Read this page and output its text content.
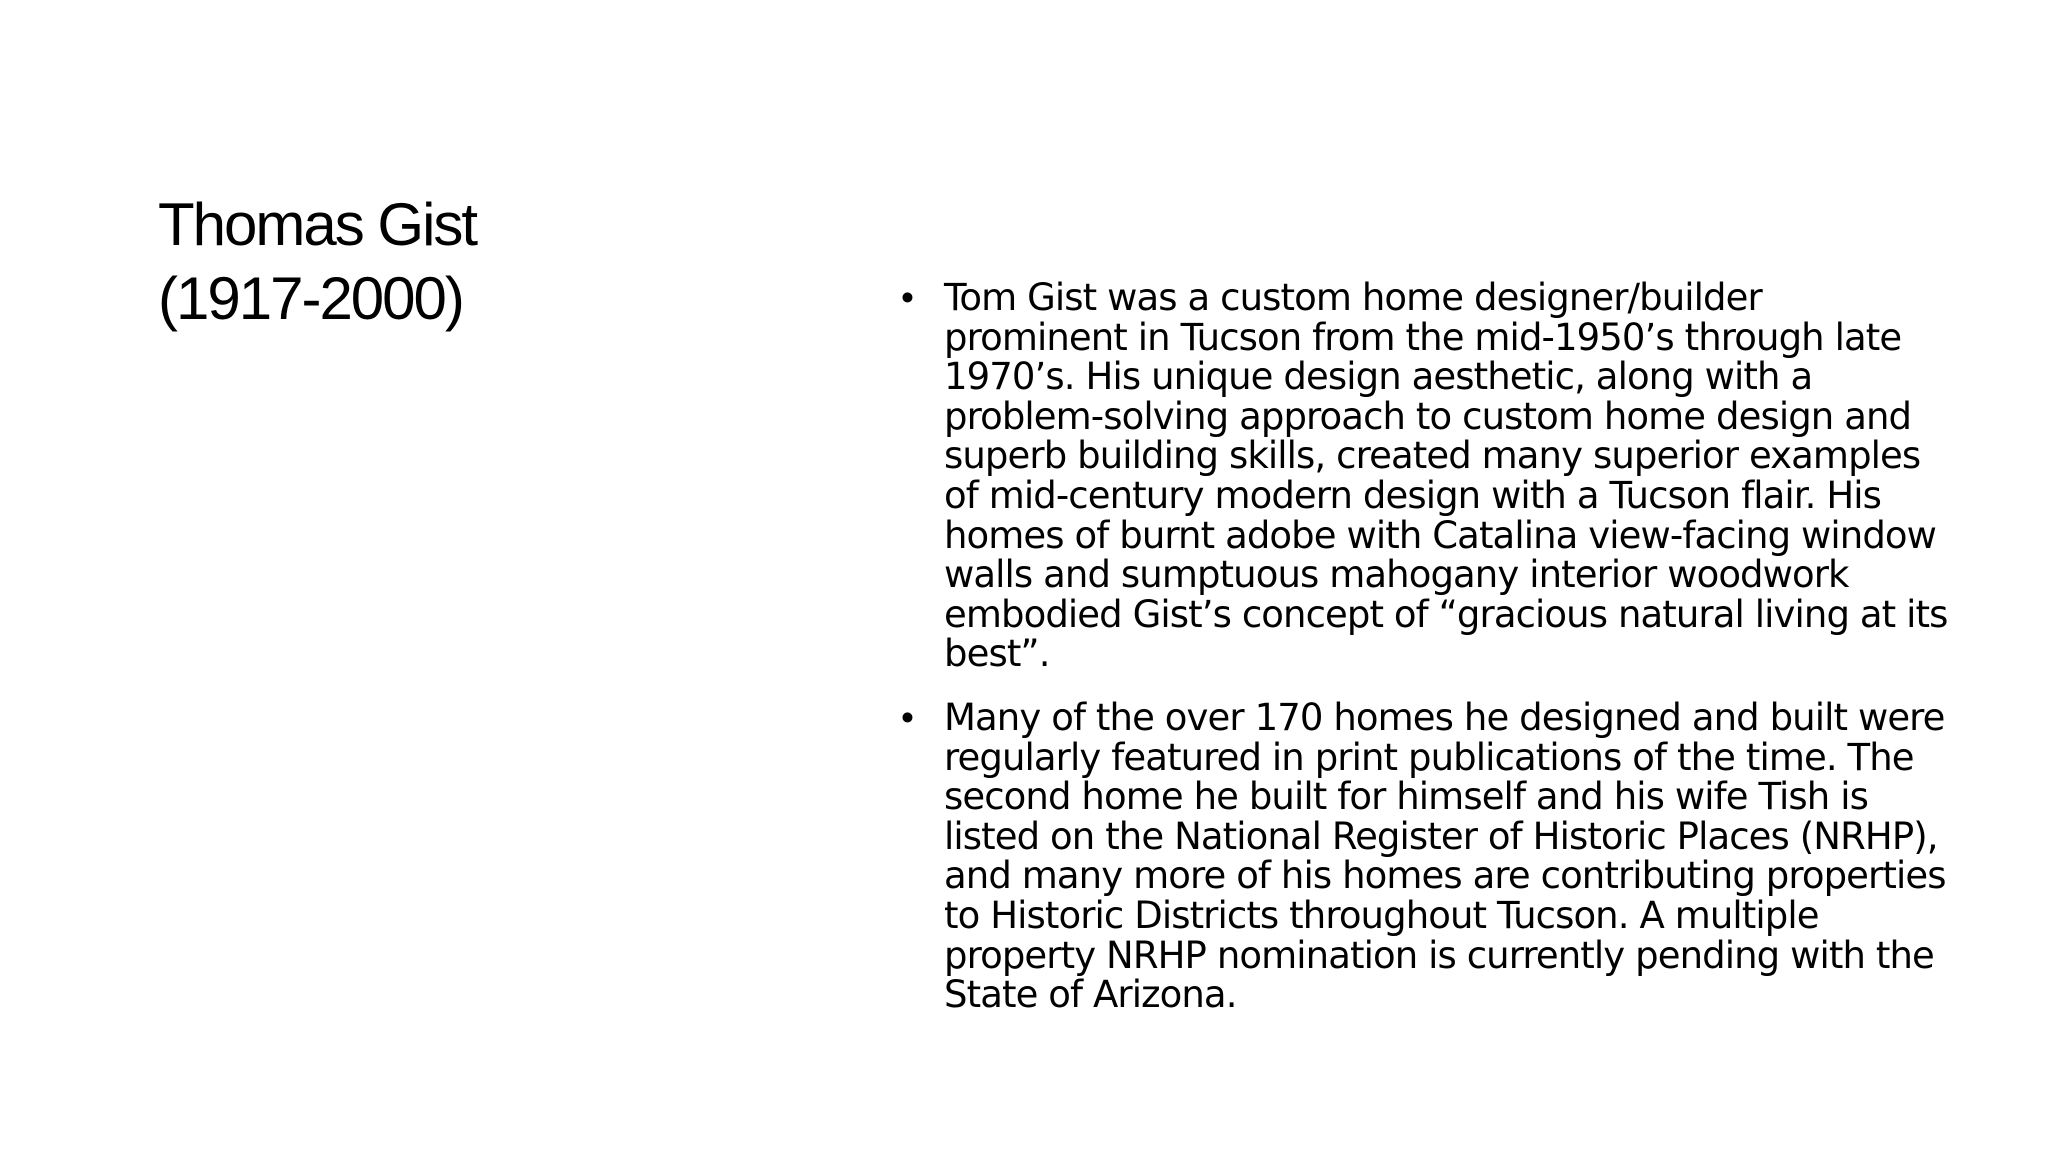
Thomas Gist
(1917-2000)	• Tom Gist was a custom home designer/builder prominent in Tucson from the mid-1950’s through late 1970’s. His unique design aesthetic, along with a problem-solving approach to custom home design and superb building skills, created many superior examples of mid-century modern design with a Tucson flair. His homes of burnt adobe with Catalina view-facing window walls and sumptuous mahogany interior woodwork embodied Gist’s concept of “gracious natural living at its best”.
• Many of the over 170 homes he designed and built were regularly featured in print publications of the time. The second home he built for himself and his wife Tish is listed on the National Register of Historic Places (NRHP), and many more of his homes are contributing properties to Historic Districts throughout Tucson. A multiple property NRHP nomination is currently pending with the State of Arizona.
